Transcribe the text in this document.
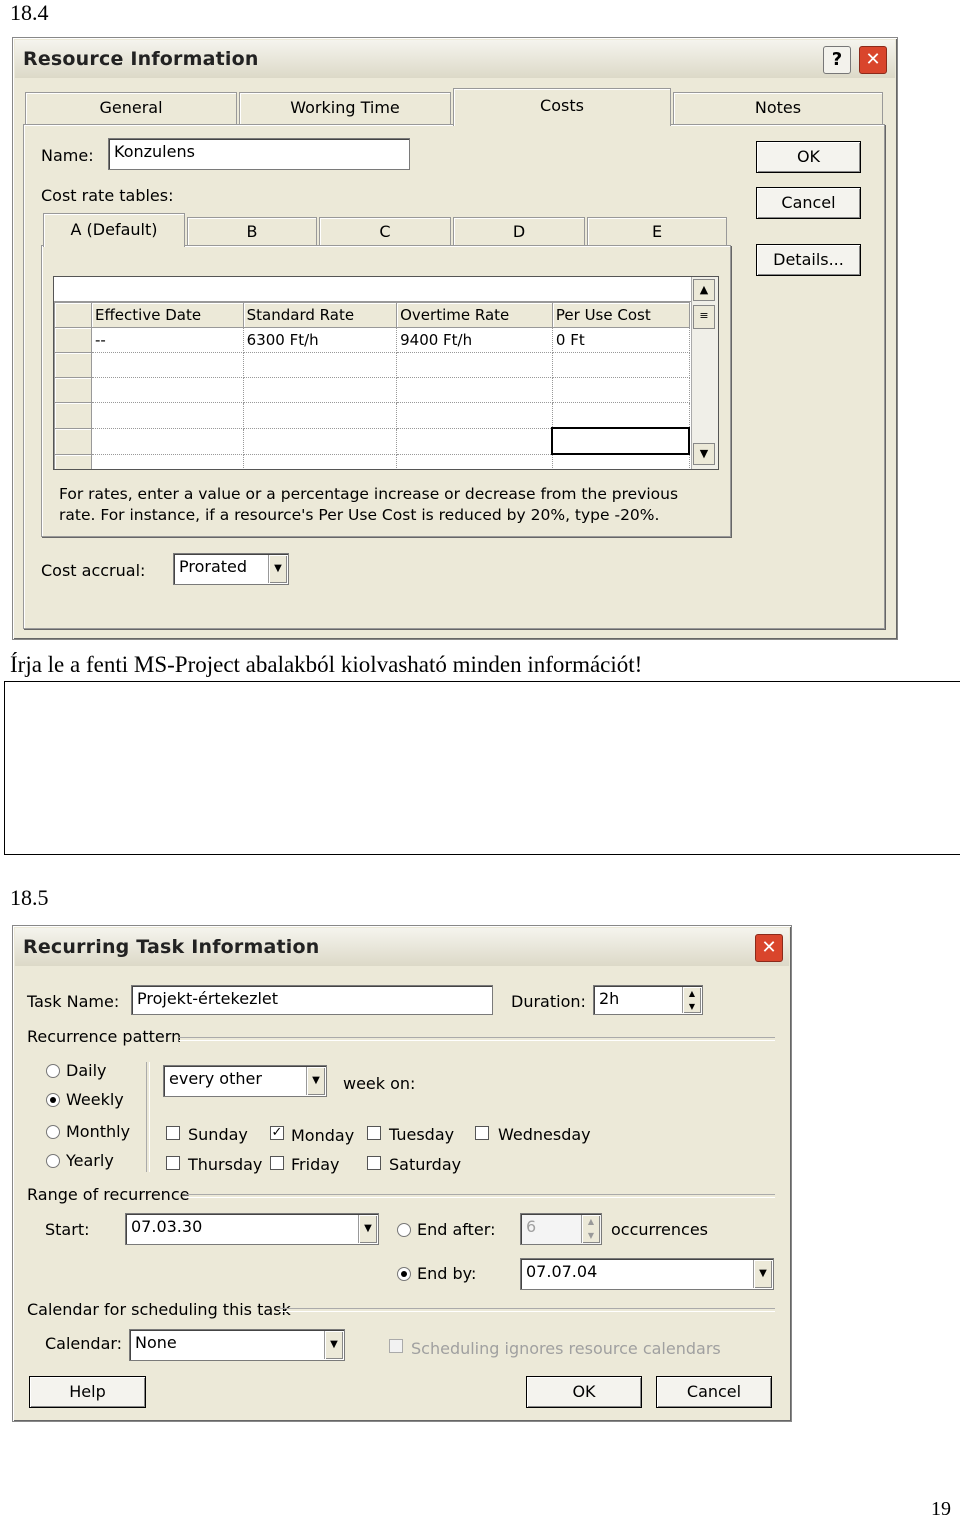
18.4
Resource Information	?	✕
General	Working Time	Costs	Notes
Name:	Konzulens	OK
Cancel
Details...
Cost rate tables:
A (Default)	B	C	D	E
	Effective Date	Standard Rate	Overtime Rate	Per Use Cost
	--	6300 Ft/h	9400 Ft/h	0 Ft

▲
≡
▼
For rates, enter a value or a percentage increase or decrease from the previous
rate. For instance, if a resource's Per Use Cost is reduced by 20%, type -20%.
Cost accrual:	Prorated	▼
Írja le a fenti MS-Project abalakból kiolvasható minden információt!
18.5
Recurring Task Information	✕
Task Name:	Projekt-értekezlet	Duration: 2h	▲
▼
Recurrence pattern
Daily
Weekly
Monthly
Yearly
every other	▼	week on:
Sunday ✓ Monday Tuesday	Wednesday
Thursday Friday	Saturday
Range of recurrence
Start:	07.03.30	▼	End after:	6	▲
▼	occurrences
End by:	07.07.04	▼
Calendar for scheduling this task
Calendar: None	▼	Scheduling ignores resource calendars
Help	OK	Cancel
19
